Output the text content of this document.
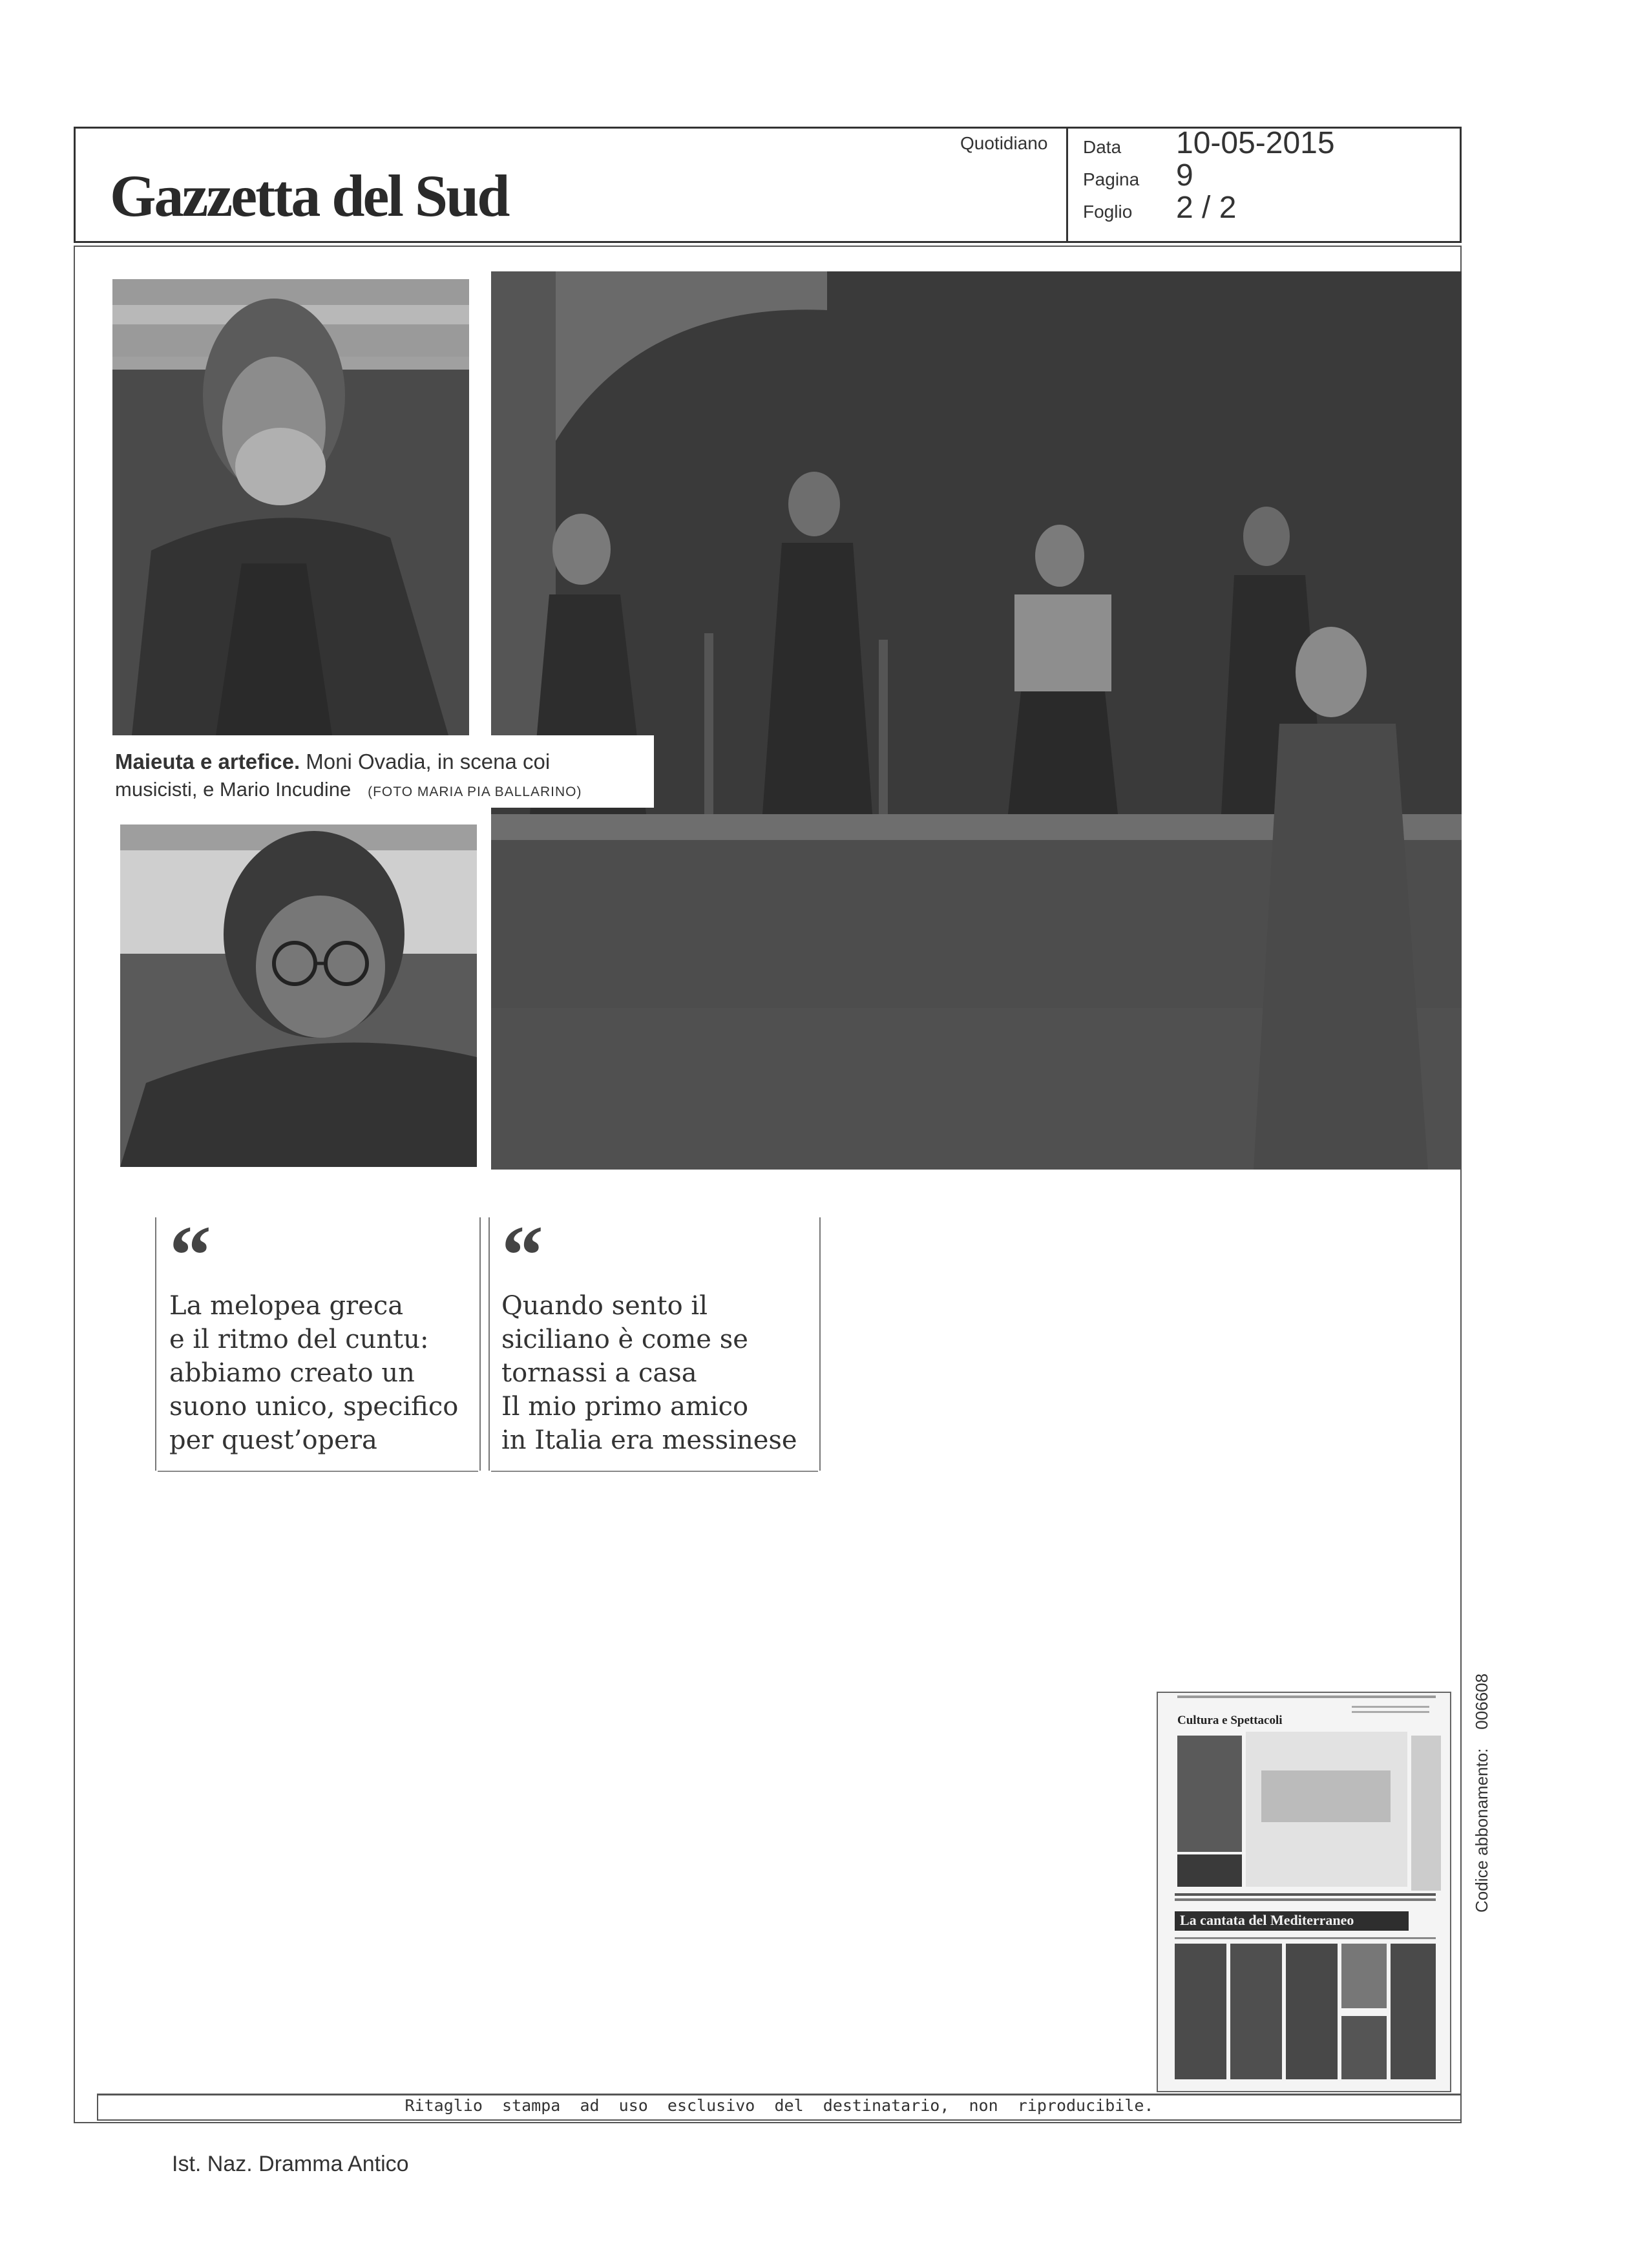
Gazzetta del Sud
Quotidiano Data 10-05-2015
Pagina 9
Foglio 2 / 2
Maieuta e artefice. Moni Ovadia, in scena coi
musicisti, e Mario Incudine (FOTO MARIA PIA BALLARINO)
“
La melopea greca
e il ritmo del cuntu:
abbiamo creato un
suono unico, specifico
per quest’opera
“
Quando sento il
siciliano è come se
tornassi a casa
Il mio primo amico
in Italia era messinese
Cultura e Spettacoli
La cantata del Mediterraneo
Codice abbonamento:    006608
Ritaglio  stampa  ad  uso  esclusivo  del  destinatario,  non  riproducibile.
Ist. Naz. Dramma Antico
